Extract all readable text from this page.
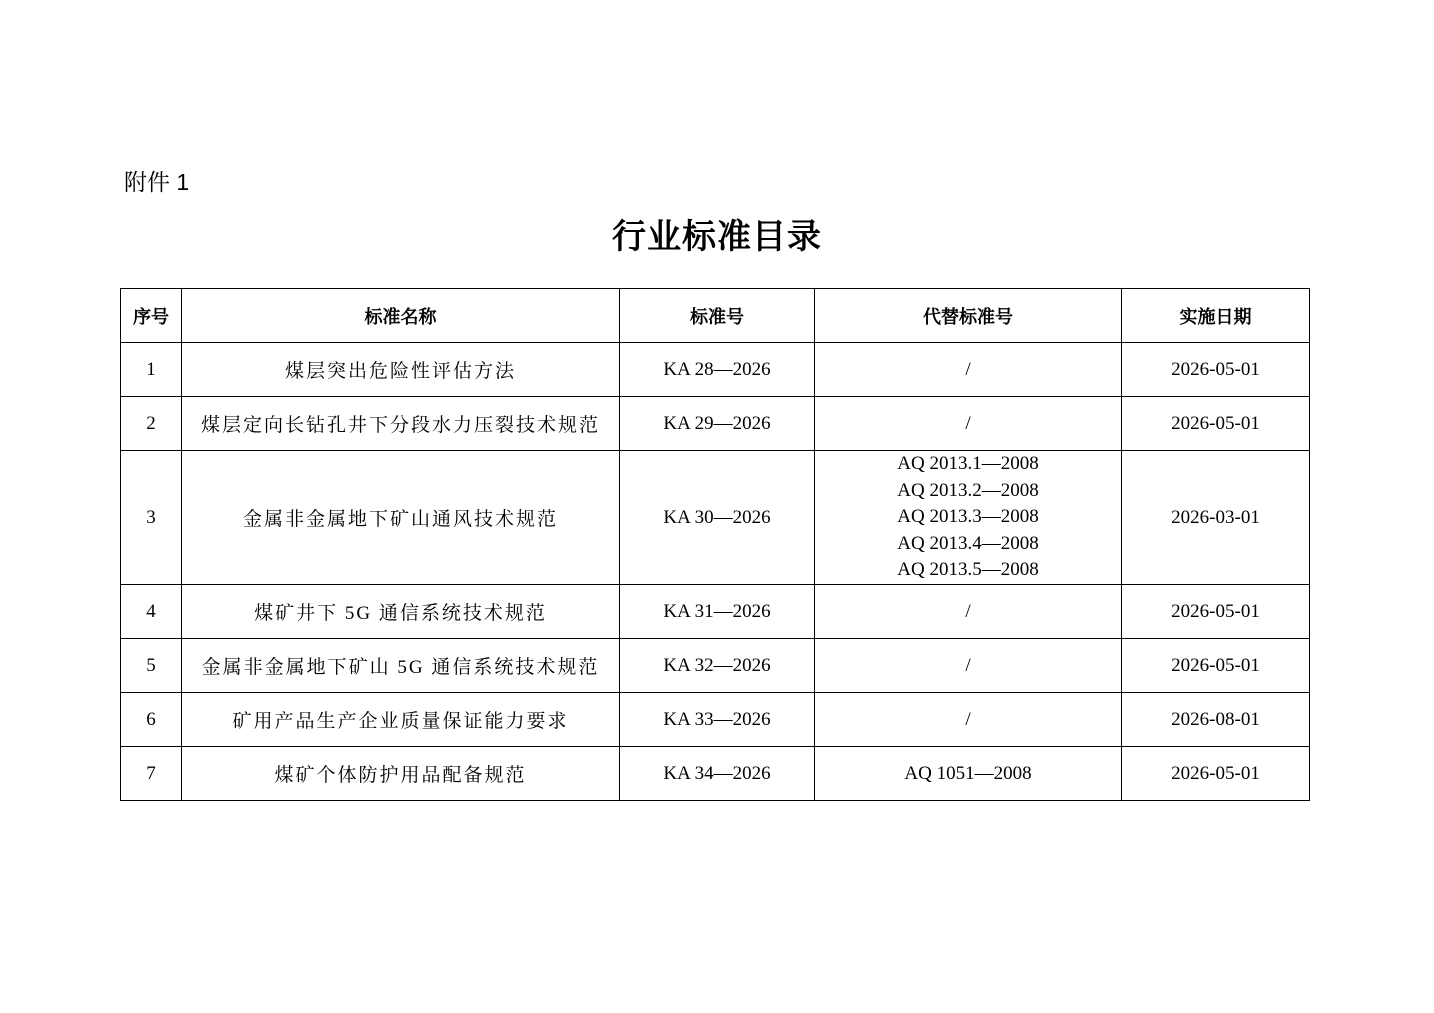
附件 1
行业标准目录
序号	标准名称	标准号	代替标准号	实施日期
1	煤层突出危险性评估方法	KA 28—2026	/	2026-05-01
2	煤层定向长钻孔井下分段水力压裂技术规范	KA 29—2026	/	2026-05-01
3	金属非金属地下矿山通风技术规范	KA 30—2026	AQ 2013.1—2008
AQ 2013.2—2008
AQ 2013.3—2008
AQ 2013.4—2008
AQ 2013.5—2008	2026-03-01
4	煤矿井下 5G 通信系统技术规范	KA 31—2026	/	2026-05-01
5	金属非金属地下矿山 5G 通信系统技术规范	KA 32—2026	/	2026-05-01
6	矿用产品生产企业质量保证能力要求	KA 33—2026	/	2026-08-01
7	煤矿个体防护用品配备规范	KA 34—2026	AQ 1051—2008	2026-05-01
